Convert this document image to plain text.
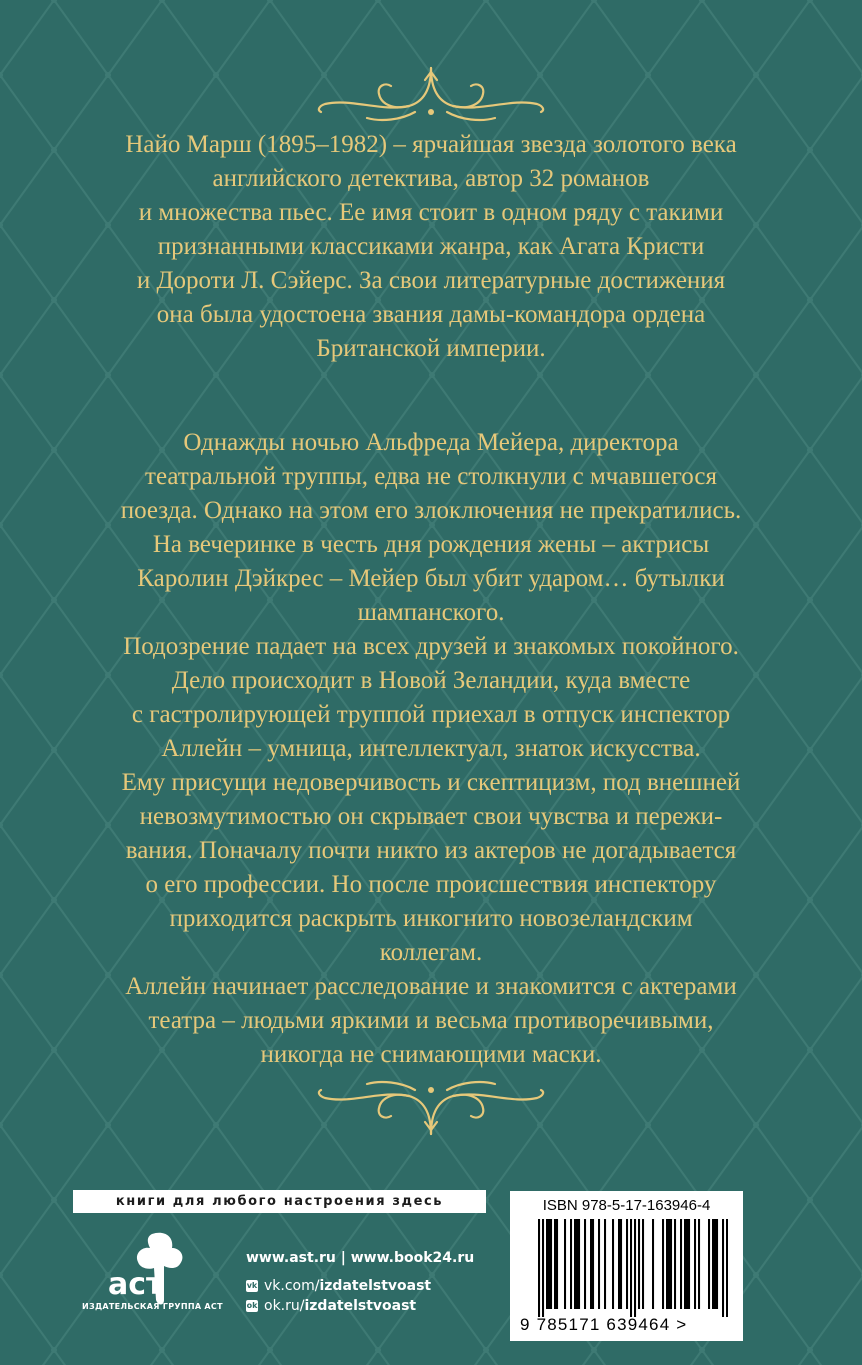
Найо Марш (1895–1982) – ярчайшая звезда золотого века

английского детектива, автор 32 романов

и множества пьес. Ее имя стоит в одном ряду с такими

признанными классиками жанра, как Агата Кристи

и Дороти Л. Сэйерс. За свои литературные достижения

она была удостоена звания дамы-командора ордена

Британской империи.

Однажды ночью Альфреда Мейера, директора

театральной труппы, едва не столкнули с мчавшегося

поезда. Однако на этом его злоключения не прекратились.

На вечеринке в честь дня рождения жены – актрисы

Каролин Дэйкрес – Мейер был убит ударом… бутылки

шампанского.

Подозрение падает на всех друзей и знакомых покойного.

Дело происходит в Новой Зеландии, куда вместе

с гастролирующей труппой приехал в отпуск инспектор

Аллейн – умница, интеллектуал, знаток искусства.

Ему присущи недоверчивость и скептицизм, под внешней

невозмутимостью он скрывает свои чувства и пережи-

вания. Поначалу почти никто из актеров не догадывается

о его профессии. Но после происшествия инспектору

приходится раскрыть инкогнито новозеландским

коллегам.

Аллейн начинает расследование и знакомится с актерами

театра – людьми яркими и весьма противоречивыми,

никогда не снимающими маски.

книги для любого настроения здесь
аст
ИЗДАТЕЛЬСКАЯ ГРУППА АСТ
www.ast.ru | www.book24.ru
vk vk.com/ izdatelstvoast
ok ok.ru/ izdatelstvoast
ISBN 978-5-17-163946-4
9 785171 639464 >
